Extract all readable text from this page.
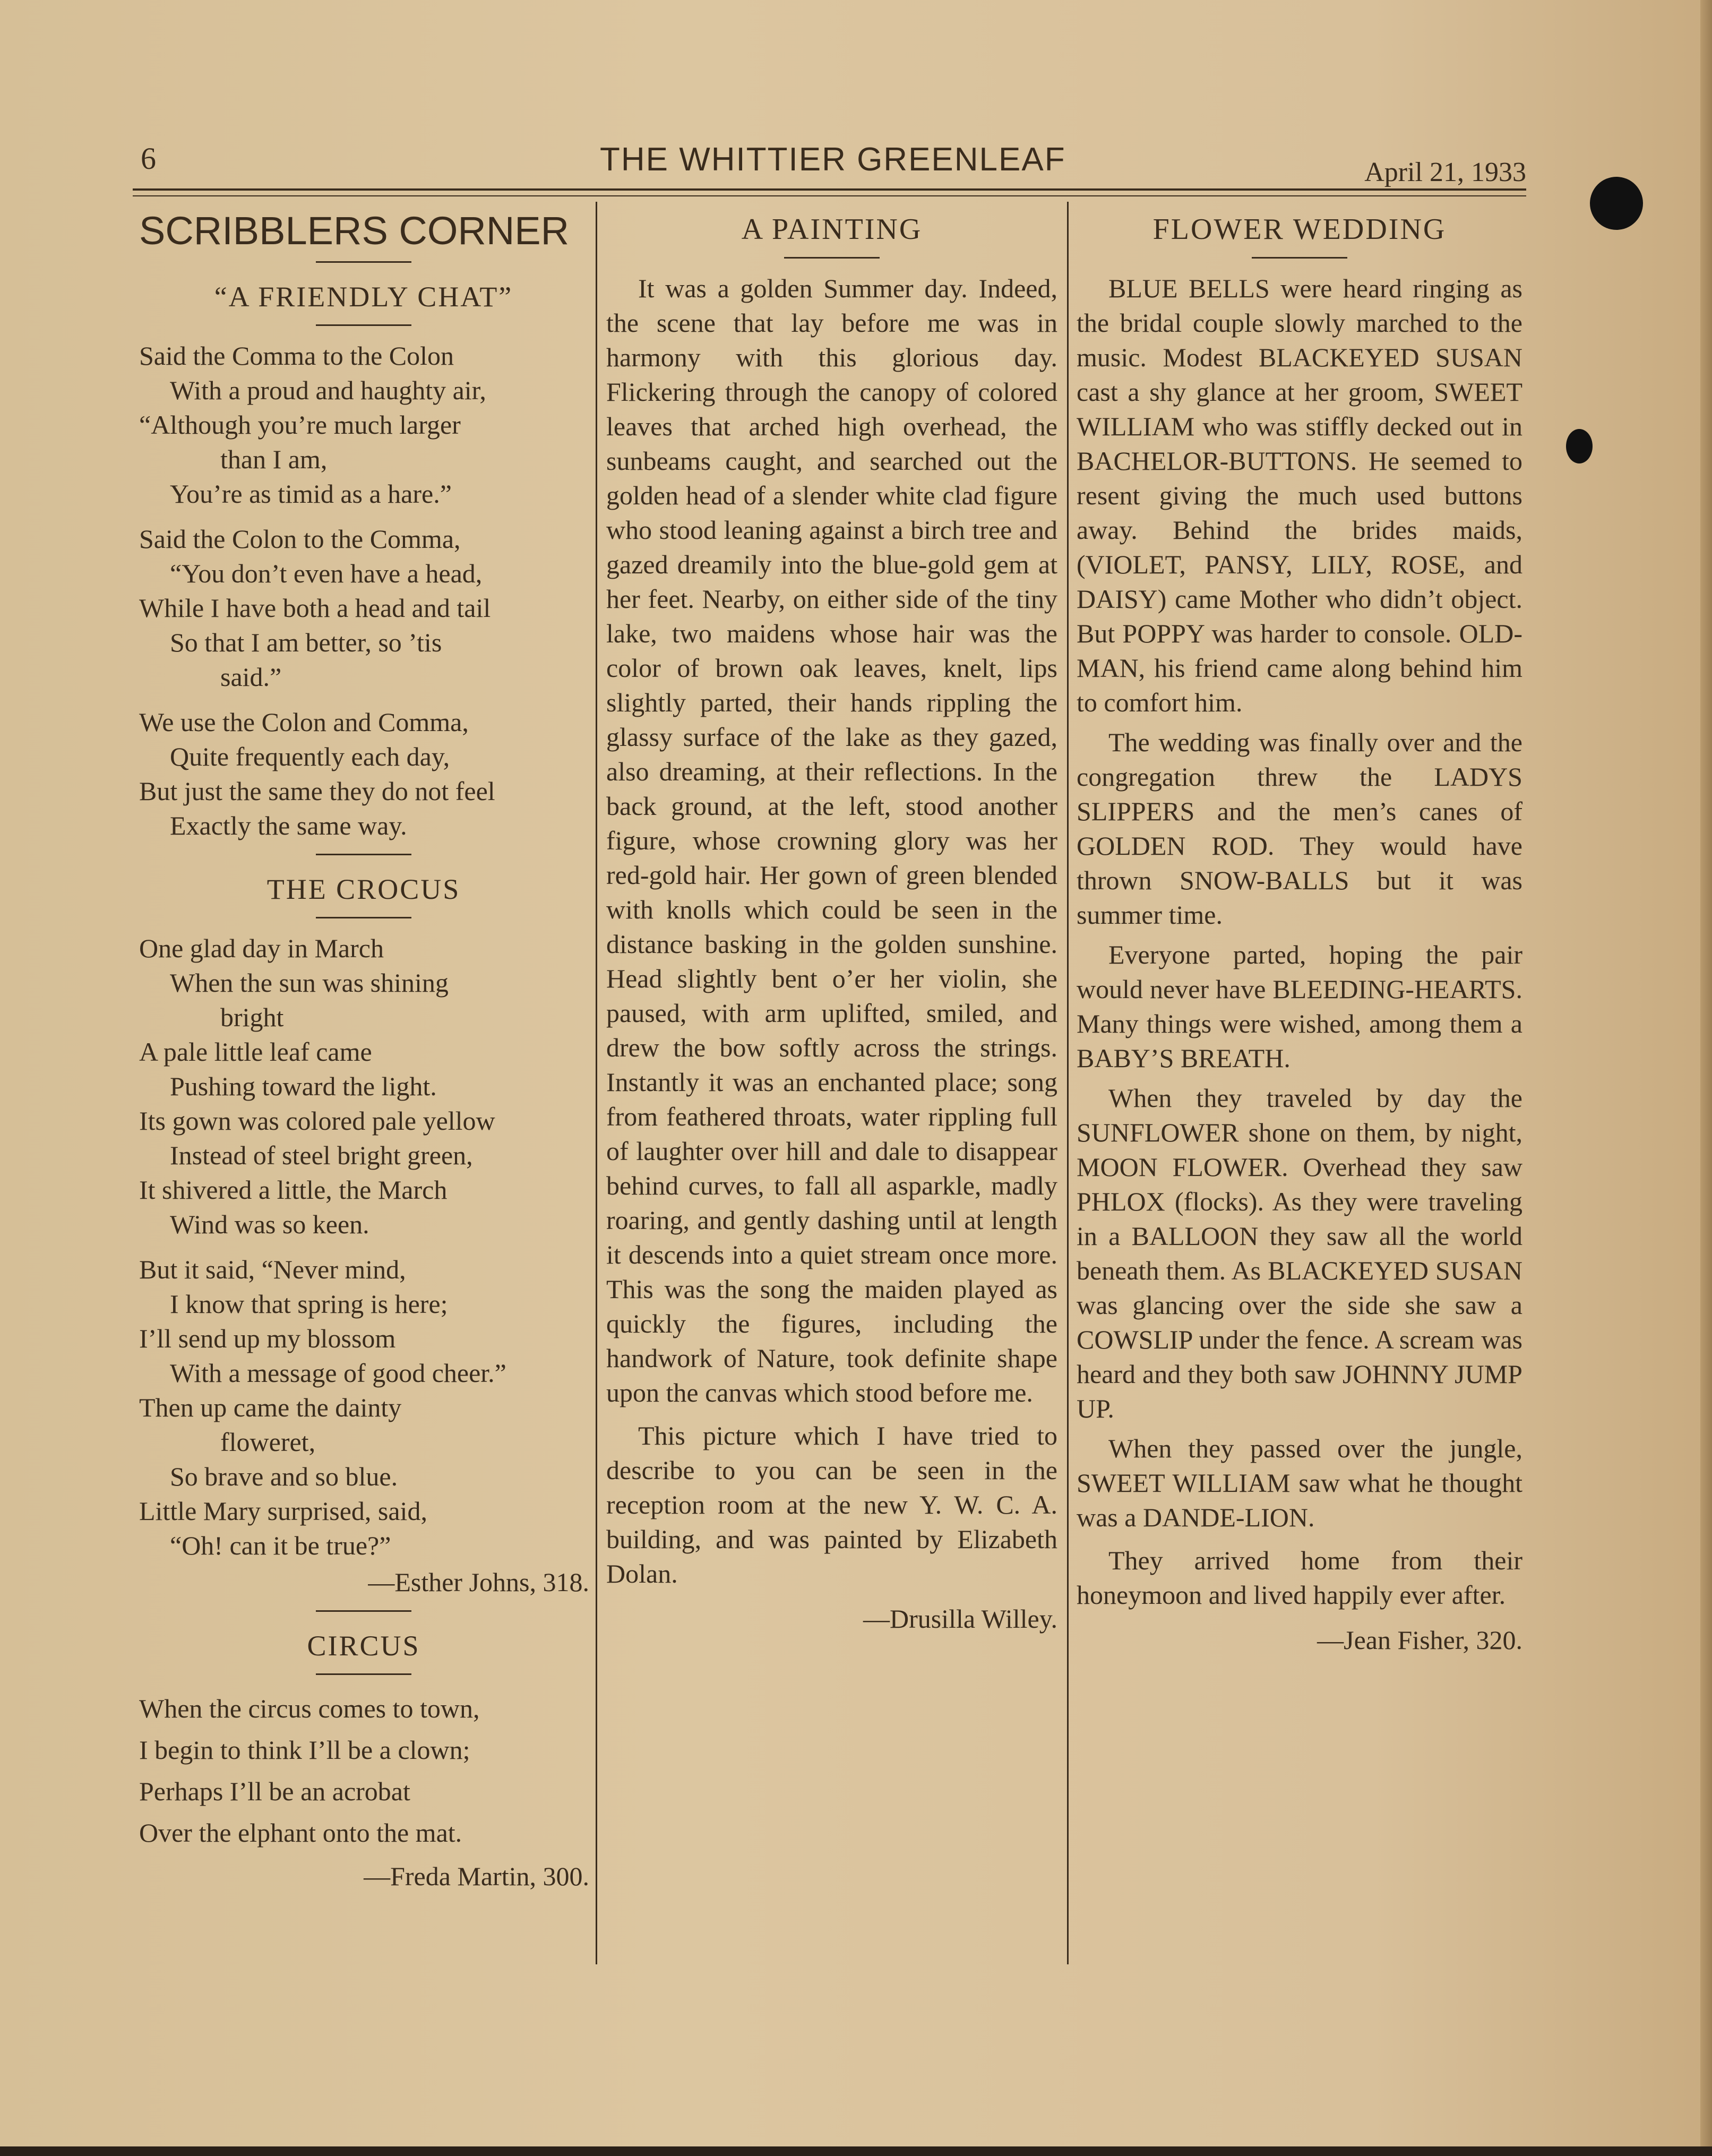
6	THE WHITTIER GREENLEAF	April 21, 1933
SCRIBBLERS CORNER
“A FRIENDLY CHAT”
Said the Comma to the Colon
With a proud and haughty air,
“Although you’re much larger
than I am,
You’re as timid as a hare.”
Said the Colon to the Comma,
“You don’t even have a head,
While I have both a head and tail
So that I am better, so ’tis
said.”
We use the Colon and Comma,
Quite frequently each day,
But just the same they do not feel
Exactly the same way.
THE CROCUS
One glad day in March
When the sun was shining
bright
A pale little leaf came
Pushing toward the light.
Its gown was colored pale yellow
Instead of steel bright green,
It shivered a little, the March
Wind was so keen.
But it said, “Never mind,
I know that spring is here;
I’ll send up my blossom
With a message of good cheer.”
Then up came the dainty
floweret,
So brave and so blue.
Little Mary surprised, said,
“Oh! can it be true?”
—Esther Johns, 318.
CIRCUS
When the circus comes to town,
I begin to think I’ll be a clown;
Perhaps I’ll be an acrobat
Over the elphant onto the mat.
—Freda Martin, 300.
A PAINTING

It was a golden Summer day. Indeed, the scene that lay before me was in harmony with this glorious day. Flickering through the canopy of colored leaves that arched high overhead, the sunbeams caught, and searched out the golden head of a slender white clad figure who stood leaning against a birch tree and gazed dreamily into the blue-gold gem at her feet. Nearby, on either side of the tiny lake, two maidens whose hair was the color of brown oak leaves, knelt, lips slightly parted, their hands rippling the glassy surface of the lake as they gazed, also dreaming, at their reflections. In the back ground, at the left, stood another figure, whose crowning glory was her red-gold hair. Her gown of green blended with knolls which could be seen in the distance basking in the golden sunshine. Head slightly bent o’er her violin, she paused, with arm uplifted, smiled, and drew the bow softly across the strings. Instantly it was an enchanted place; song from feathered throats, water rippling full of laughter over hill and dale to disappear behind curves, to fall all asparkle, madly roaring, and gently dashing until at length it descends into a quiet stream once more. This was the song the maiden played as quickly the figures, including the handwork of Nature, took definite shape upon the canvas which stood before me.

This picture which I have tried to describe to you can be seen in the reception room at the new Y. W. C. A. building, and was painted by Elizabeth Dolan.

—Drusilla Willey.
FLOWER WEDDING

BLUE BELLS were heard ringing as the bridal couple slowly marched to the music. Modest BLACKEYED SUSAN cast a shy glance at her groom, SWEET WILLIAM who was stiffly decked out in BACHELOR-BUTTONS. He seemed to resent giving the much used buttons away. Behind the brides maids, (VIOLET, PANSY, LILY, ROSE, and DAISY) came Mother who didn’t object. But POPPY was harder to console. OLD-MAN, his friend came along behind him to comfort him.

The wedding was finally over and the congregation threw the LADYS SLIPPERS and the men’s canes of GOLDEN ROD. They would have thrown SNOW-BALLS but it was summer time.

Everyone parted, hoping the pair would never have BLEEDING-HEARTS. Many things were wished, among them a BABY’S BREATH.

When they traveled by day the SUNFLOWER shone on them, by night, MOON FLOWER. Overhead they saw PHLOX (flocks). As they were traveling in a BALLOON they saw all the world beneath them. As BLACKEYED SUSAN was glancing over the side she saw a COWSLIP under the fence. A scream was heard and they both saw JOHNNY JUMP UP.

When they passed over the jungle, SWEET WILLIAM saw what he thought was a DANDE-LION.

They arrived home from their honeymoon and lived happily ever after.

—Jean Fisher, 320.
